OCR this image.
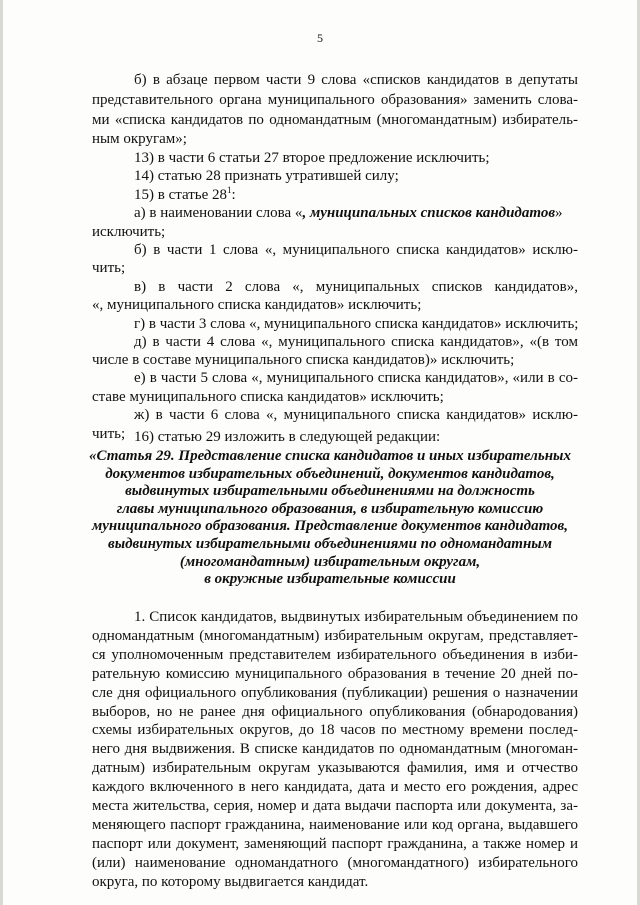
5
б) в абзаце первом части 9 слова «списков кандидатов в депутаты
представительного органа муниципального образования» заменить слова-
ми «списка кандидатов по одномандатным (многомандатным) избиратель-
ным округам»;
13) в части 6 статьи 27 второе предложение исключить;
14) статью 28 признать утратившей силу;
15) в статье $28^1$:
а) в наименовании слова «, муниципальных списков кандидатов»
исключить;
б) в части 1 слова «, муниципального списка кандидатов» исклю-
чить;
в) в части 2 слова «, муниципальных списков кандидатов»,
«, муниципального списка кандидатов» исключить;
г) в части 3 слова «, муниципального списка кандидатов» исключить;
д) в части 4 слова «, муниципального списка кандидатов», «(в том
числе в составе муниципального списка кандидатов)» исключить;
е) в части 5 слова «, муниципального списка кандидатов», «или в со-
ставе муниципального списка кандидатов» исключить;
ж) в части 6 слова «, муниципального списка кандидатов» исклю-
чить; 16) статью 29 изложить в следующей редакции:
«Статья 29. Представление списка кандидатов и иных избирательных
документов избирательных объединений, документов кандидатов,
выдвинутых избирательными объединениями на должность
главы муниципального образования, в избирательную комиссию
муниципального образования. Представление документов кандидатов,
выдвинутых избирательными объединениями по одномандатным
(многомандатным) избирательным округам,
в окружные избирательные комиссии
1. Список кандидатов, выдвинутых избирательным объединением по
одномандатным (многомандатным) избирательным округам, представляет-
ся уполномоченным представителем избирательного объединения в изби-
рательную комиссию муниципального образования в течение 20 дней по-
сле дня официального опубликования (публикации) решения о назначении
выборов, но не ранее дня официального опубликования (обнародования)
схемы избирательных округов, до 18 часов по местному времени послед-
него дня выдвижения. В списке кандидатов по одномандатным (многоман-
датным) избирательным округам указываются фамилия, имя и отчество
каждого включенного в него кандидата, дата и место его рождения, адрес
места жительства, серия, номер и дата выдачи паспорта или документа, за-
меняющего паспорт гражданина, наименование или код органа, выдавшего
паспорт или документ, заменяющий паспорт гражданина, а также номер и
(или) наименование одномандатного (многомандатного) избирательного
округа, по которому выдвигается кандидат.
